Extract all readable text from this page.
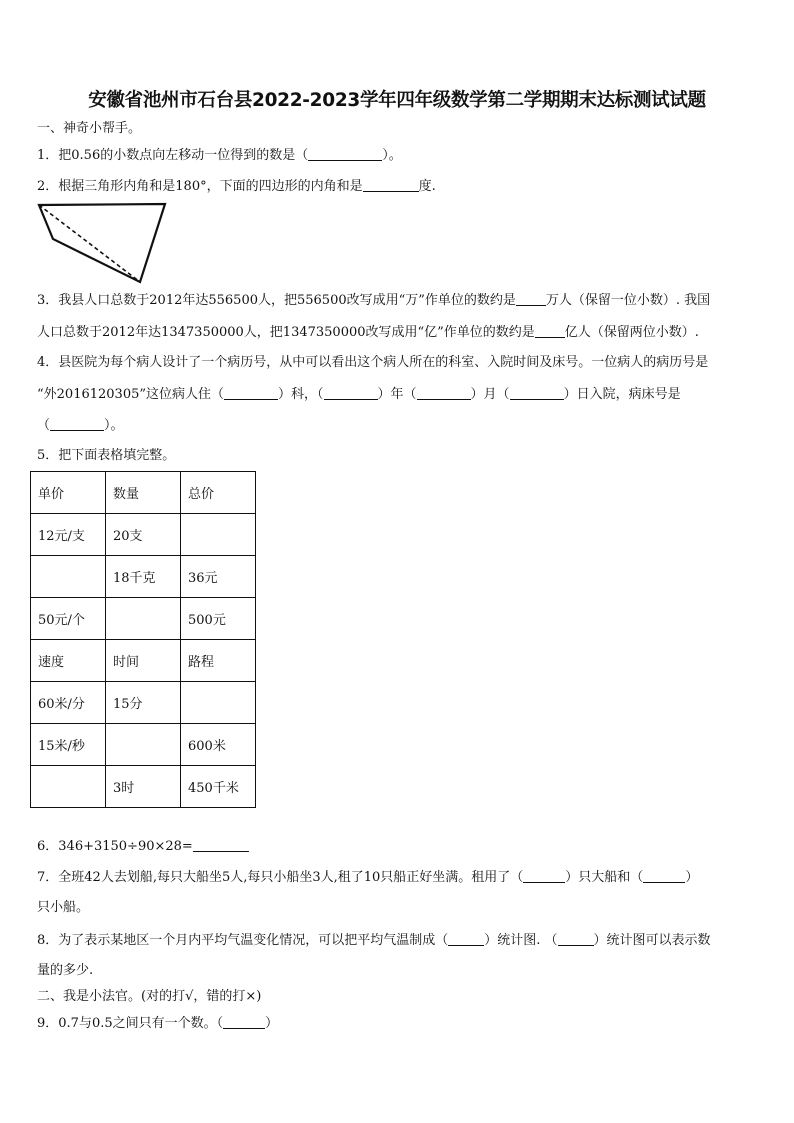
安徽省池州市石台县2022-2023学年四年级数学第二学期期末达标测试试题
一、神奇小帮手。
1．把0.56的小数点向左移动一位得到的数是（	）。
2．根据三角形内角和是180°，下面的四边形的内角和是	度.
3．我县人口总数于2012年达556500人，把556500改写成用“万”作单位的数约是 万人（保留一位小数）. 我国
人口总数于2012年达1347350000人，把1347350000改写成用“亿”作单位的数约是 亿人（保留两位小数）.
4．县医院为每个病人设计了一个病历号，从中可以看出这个病人所在的科室、入院时间及床号。一位病人的病历号是
“外2016120305”这位病人住（	）科，（	）年（	）月（	）日入院，病床号是
（	）。
5．把下面表格填完整。
单价	数量	总价
12元/支	20支	
	18千克	36元
50元/个		500元
速度	时间	路程
60米/分	15分	
15米/秒		600米
	3时	450千米
6．346+3150÷90×28=
7．全班42人去划船,每只大船坐5人,每只小船坐3人,租了10只船正好坐满。租用了（	）只大船和（	）
只小船。
8．为了表示某地区一个月内平均气温变化情况，可以把平均气温制成（	）统计图. （	）统计图可以表示数
量的多少.
二、我是小法官。(对的打√，错的打×)
9．0.7与0.5之间只有一个数。（	）
